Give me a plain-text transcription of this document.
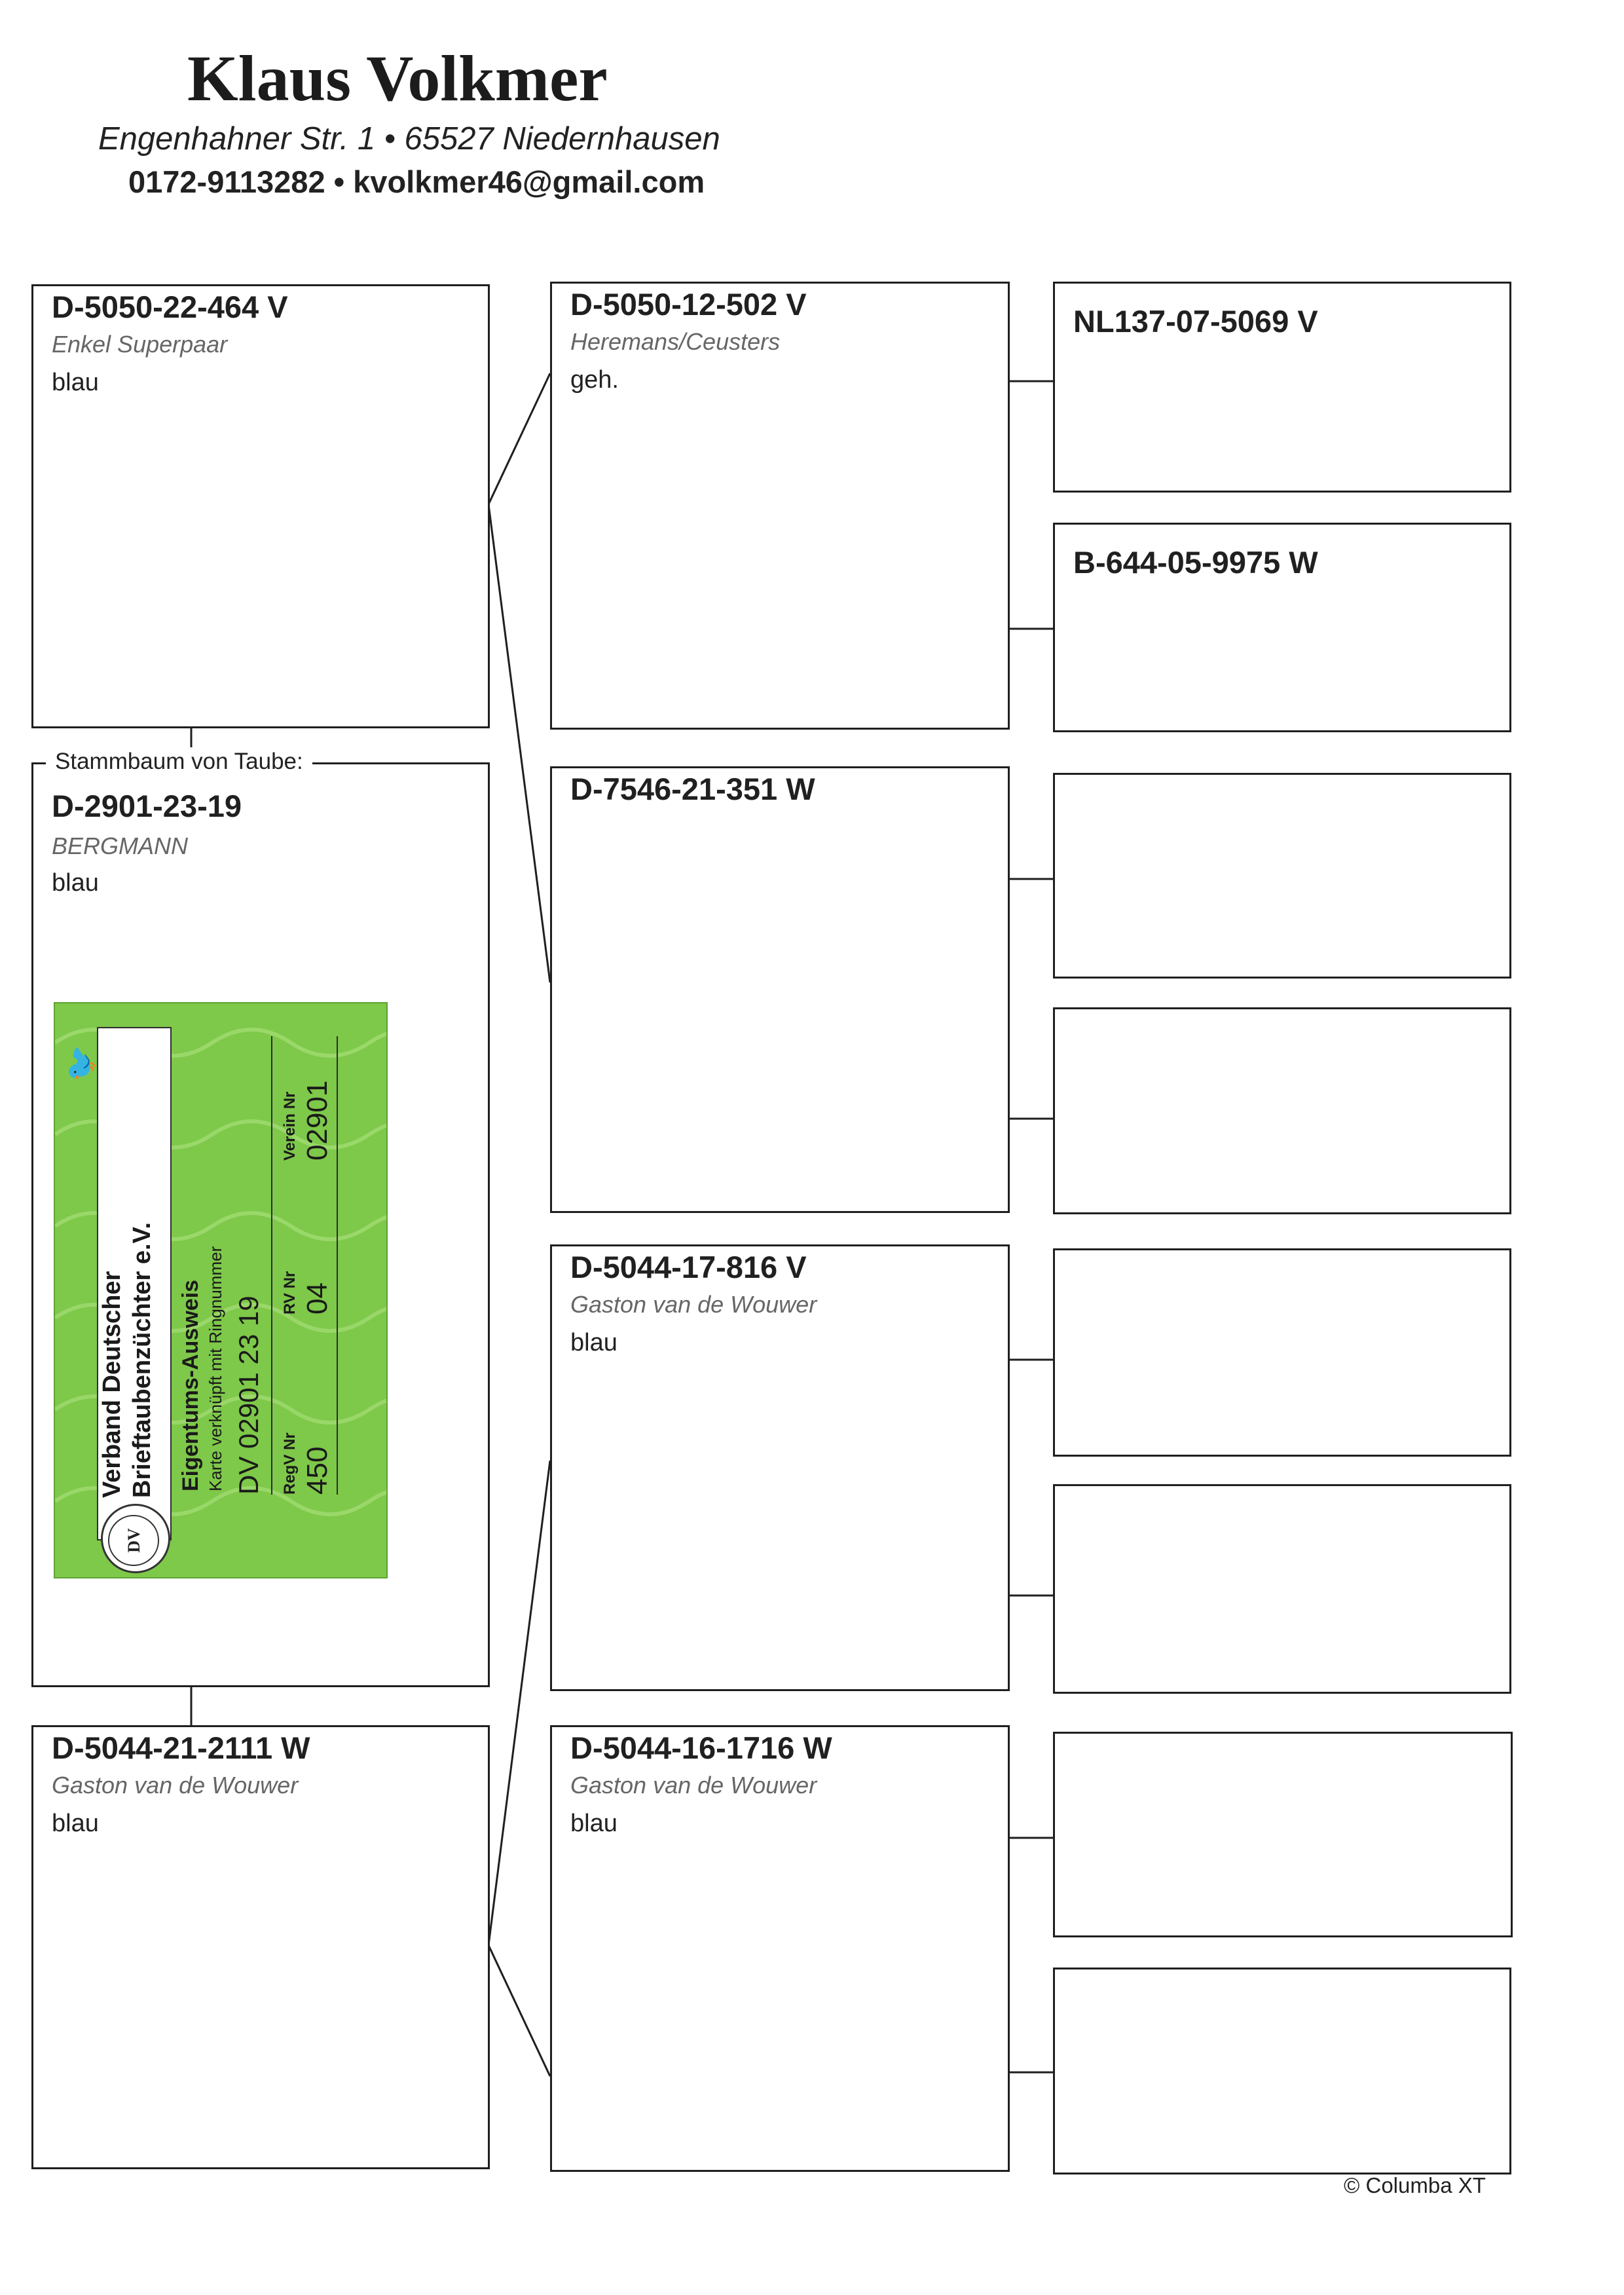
Klaus Volkmer
Engenhahner Str. 1 • 65527 Niedernhausen
0172-9113282 • kvolkmer46@gmail.com
D-5050-22-464 V
Enkel Superpaar
blau
D-2901-23-19
BERGMANN
blau
Stammbaum von Taube:
D-5044-21-2111 W
Gaston van de Wouwer
blau
D-5050-12-502 V
Heremans/Ceusters
geh.
D-7546-21-351 W
D-5044-17-816 V
Gaston van de Wouwer
blau
D-5044-16-1716 W
Gaston van de Wouwer
blau
NL137-07-5069 V
B-644-05-9975 W
DV
🐦
Verband Deutscher Brieftaubenzüchter e.V. Eigentums-Ausweis Karte verknüpft mit Ringnummer DV 02901 23 19 RegV Nr 450
RV Nr 04
Verein Nr 02901
© Columba XT
